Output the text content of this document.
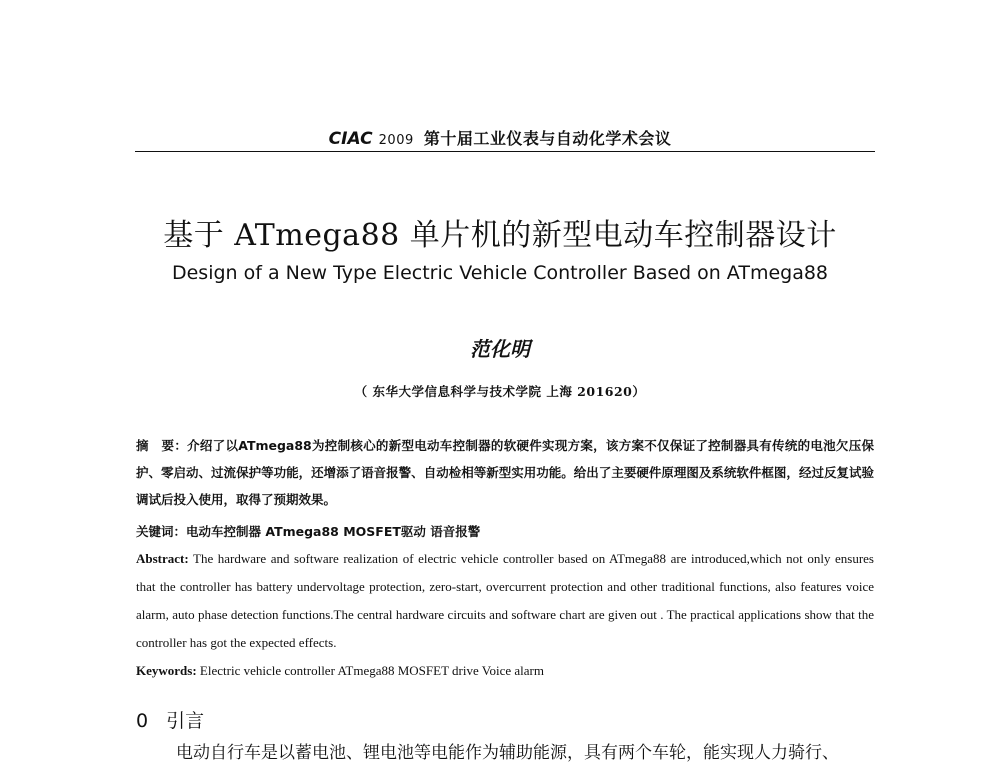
CIAC 2009 第十届工业仪表与自动化学术会议
基于 ATmega88 单片机的新型电动车控制器设计
Design of a New Type Electric Vehicle Controller Based on ATmega88
范化明
（ 东华大学信息科学与技术学院 上海 201620）

摘　要：介绍了以ATmega88为控制核心的新型电动车控制器的软硬件实现方案，该方案不仅保证了控制器具有传统的电池欠压保护、零启动、过流保护等功能，还增添了语音报警、自动检相等新型实用功能。给出了主要硬件原理图及系统软件框图，经过反复试验调试后投入使用，取得了预期效果。

关键词：电动车控制器 ATmega88 MOSFET驱动 语音报警

Abstract: The hardware and software realization of electric vehicle controller based on ATmega88 are introduced,which not only ensures that the controller has battery undervoltage protection, zero-start, overcurrent protection and other traditional functions, also features voice alarm, auto phase detection functions.The central hardware circuits and software chart are given out . The practical applications show that the controller has got the expected effects.

Keywords: Electric vehicle controller ATmega88 MOSFET drive Voice alarm

0 引言
电动自行车是以蓄电池、锂电池等电能作为辅助能源，具有两个车轮，能实现人力骑行、
